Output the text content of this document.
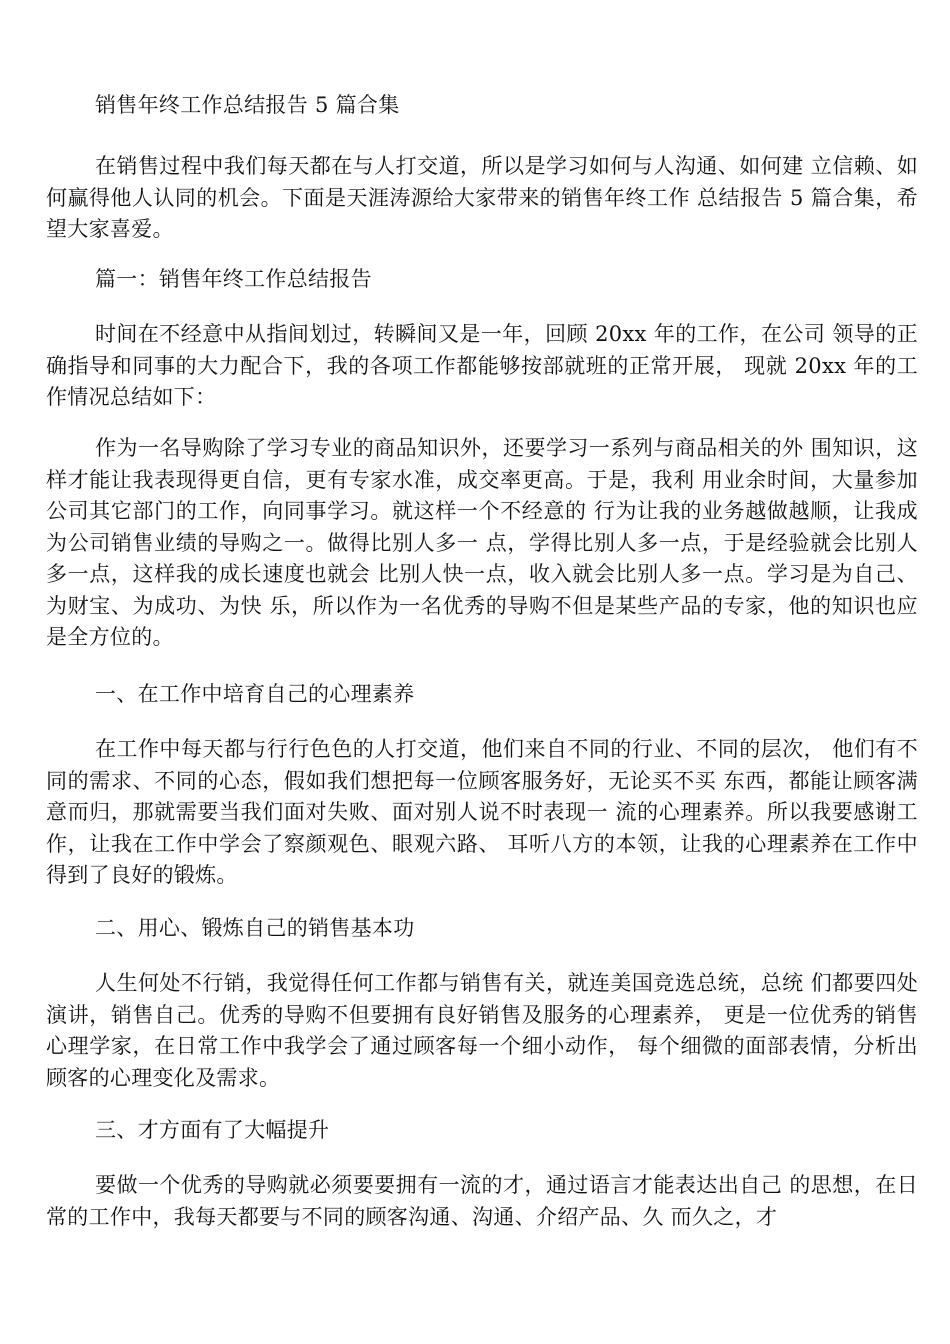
销售年终工作总结报告 5 篇合集

在销售过程中我们每天都在与人打交道，所以是学习如何与人沟通、如何建 立信赖、如何赢得他人认同的机会。下面是天涯涛源给大家带来的销售年终工作 总结报告 5 篇合集，希望大家喜爱。

篇一：销售年终工作总结报告

时间在不经意中从指间划过，转瞬间又是一年，回顾 20xx 年的工作，在公司 领导的正确指导和同事的大力配合下，我的各项工作都能够按部就班的正常开展， 现就 20xx 年的工作情况总结如下：

作为一名导购除了学习专业的商品知识外，还要学习一系列与商品相关的外 围知识，这样才能让我表现得更自信，更有专家水准，成交率更高。于是，我利 用业余时间，大量参加公司其它部门的工作，向同事学习。就这样一个不经意的 行为让我的业务越做越顺，让我成为公司销售业绩的导购之一。做得比别人多一 点，学得比别人多一点，于是经验就会比别人多一点，这样我的成长速度也就会 比别人快一点，收入就会比别人多一点。学习是为自己、为财宝、为成功、为快 乐，所以作为一名优秀的导购不但是某些产品的专家，他的知识也应是全方位的。

一、在工作中培育自己的心理素养

在工作中每天都与行行色色的人打交道，他们来自不同的行业、不同的层次， 他们有不同的需求、不同的心态，假如我们想把每一位顾客服务好，无论买不买 东西，都能让顾客满意而归，那就需要当我们面对失败、面对别人说不时表现一 流的心理素养。所以我要感谢工作，让我在工作中学会了察颜观色、眼观六路、 耳听八方的本领，让我的心理素养在工作中得到了良好的锻炼。

二、用心、锻炼自己的销售基本功

人生何处不行销，我觉得任何工作都与销售有关，就连美国竞选总统，总统 们都要四处演讲，销售自己。优秀的导购不但要拥有良好销售及服务的心理素养， 更是一位优秀的销售心理学家，在日常工作中我学会了通过顾客每一个细小动作， 每个细微的面部表情，分析出顾客的心理变化及需求。

三、才方面有了大幅提升

要做一个优秀的导购就必须要要拥有一流的才，通过语言才能表达出自己 的思想，在日常的工作中，我每天都要与不同的顾客沟通、沟通、介绍产品、久 而久之，才
